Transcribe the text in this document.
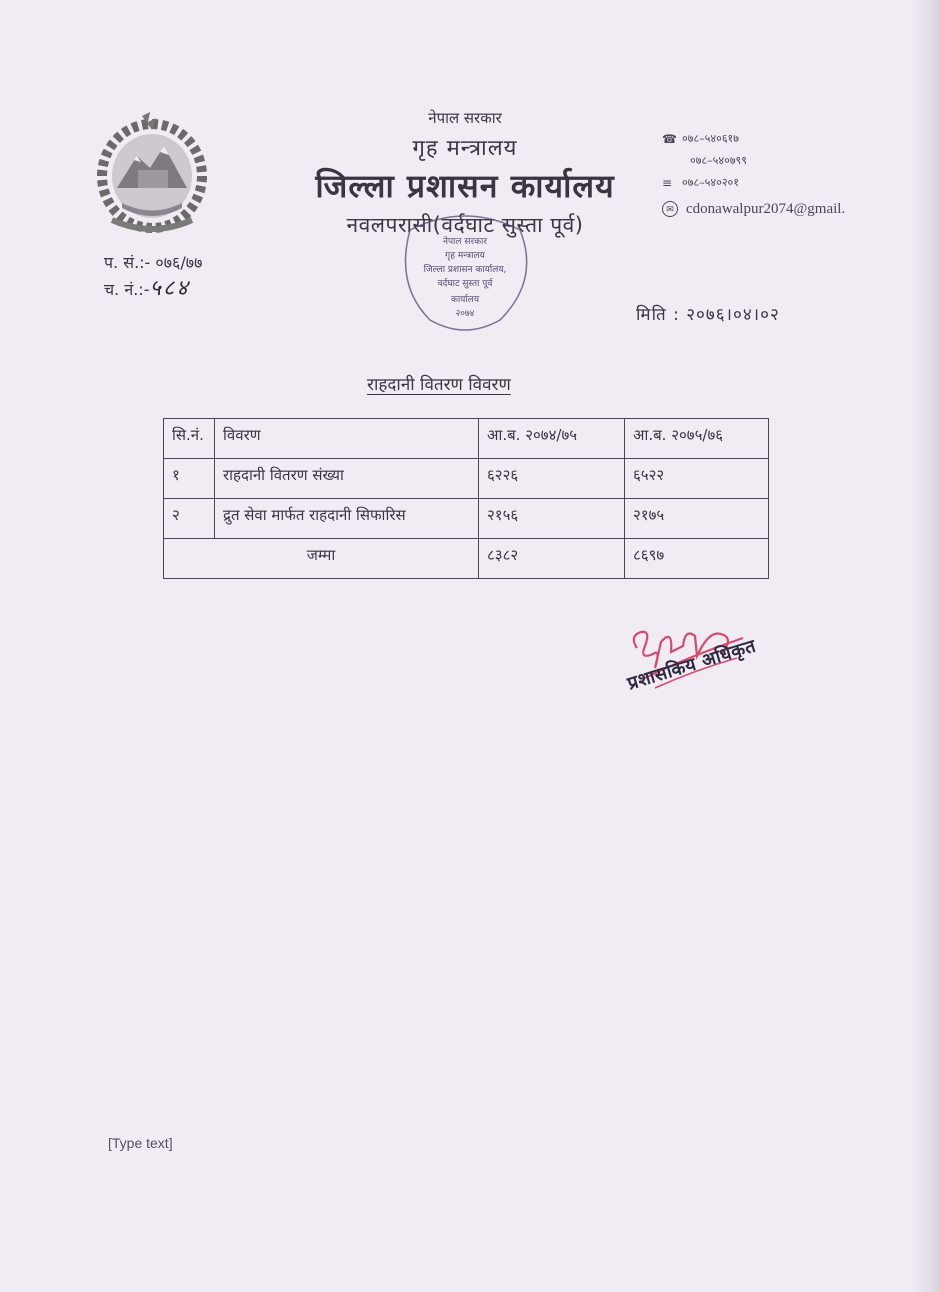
नेपाल सरकार
गृह मन्त्रालय
जिल्ला प्रशासन कार्यालय
नवलपरासी(वर्दघाट सुस्ता पूर्व)
नेपाल सरकार
गृह मन्त्रालय
जिल्ला प्रशासन कार्यालय,
वर्दघाट सुस्ता पूर्व
कार्यालय
२०७४
☎ ०७८–५४०६१७
०७८–५४०७९९
≡ ०७८–५४०२०१
✉ cdonawalpur2074@gmail.
प. सं.:- ०७६/७७
च. नं.:-५८४
मिति : २०७६।०४।०२
राहदानी वितरण विवरण
सि.नं.	विवरण	आ.ब. २०७४/७५	आ.ब. २०७५/७६
१	राहदानी वितरण संख्या	६२२६	६५२२
२	द्रुत सेवा मार्फत राहदानी सिफारिस	२१५६	२१७५
जम्मा		८३८२	८६९७
प्रशासकिय अधिकृत
[Type text]
